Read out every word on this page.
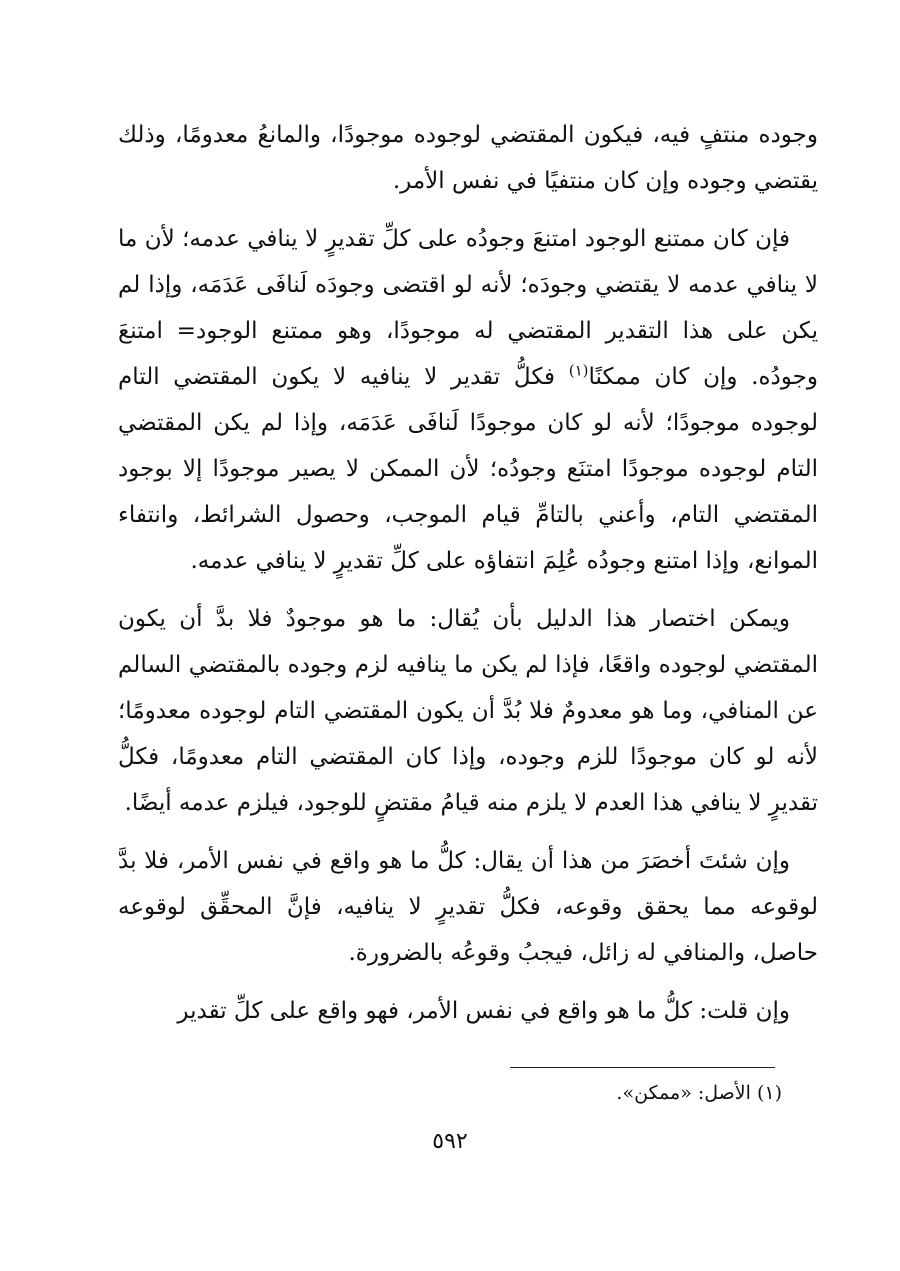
وجوده منتفٍ فيه، فيكون المقتضي لوجوده موجودًا، والمانعُ معدومًا، وذلك يقتضي وجوده وإن كان منتفيًا في نفس الأمر.

فإن كان ممتنع الوجود امتنعَ وجودُه على كلِّ تقديرٍ لا ينافي عدمه؛ لأن ما لا ينافي عدمه لا يقتضي وجودَه؛ لأنه لو اقتضى وجودَه لَنافَى عَدَمَه، وإذا لم يكن على هذا التقدير المقتضي له موجودًا، وهو ممتنع الوجود= امتنعَ وجودُه. وإن كان ممكنًا$^{(١)}$ فكلُّ تقدير لا ينافيه لا يكون المقتضي التام لوجوده موجودًا؛ لأنه لو كان موجودًا لَنافَى عَدَمَه، وإذا لم يكن المقتضي التام لوجوده موجودًا امتنَع وجودُه؛ لأن الممكن لا يصير موجودًا إلا بوجود المقتضي التام، وأعني بالتامِّ قيام الموجب، وحصول الشرائط، وانتفاء الموانع، وإذا امتنع وجودُه عُلِمَ انتفاؤه على كلِّ تقديرٍ لا ينافي عدمه.

ويمكن اختصار هذا الدليل بأن يُقال: ما هو موجودٌ فلا بدَّ أن يكون المقتضي لوجوده واقعًا، فإذا لم يكن ما ينافيه لزم وجوده بالمقتضي السالم عن المنافي، وما هو معدومٌ فلا بُدَّ أن يكون المقتضي التام لوجوده معدومًا؛ لأنه لو كان موجودًا للزم وجوده، وإذا كان المقتضي التام معدومًا، فكلُّ تقديرٍ لا ينافي هذا العدم لا يلزم منه قيامُ مقتضٍ للوجود، فيلزم عدمه أيضًا.

وإن شئتَ أخصَرَ من هذا أن يقال: كلُّ ما هو واقع في نفس الأمر، فلا بدَّ لوقوعه مما يحقق وقوعه، فكلُّ تقديرٍ لا ينافيه، فإنَّ المحقِّق لوقوعه حاصل، والمنافي له زائل، فيجبُ وقوعُه بالضرورة.

وإن قلت: كلُّ ما هو واقع في نفس الأمر، فهو واقع على كلِّ تقدير

(١) الأصل: «ممكن».
٥٩٢
